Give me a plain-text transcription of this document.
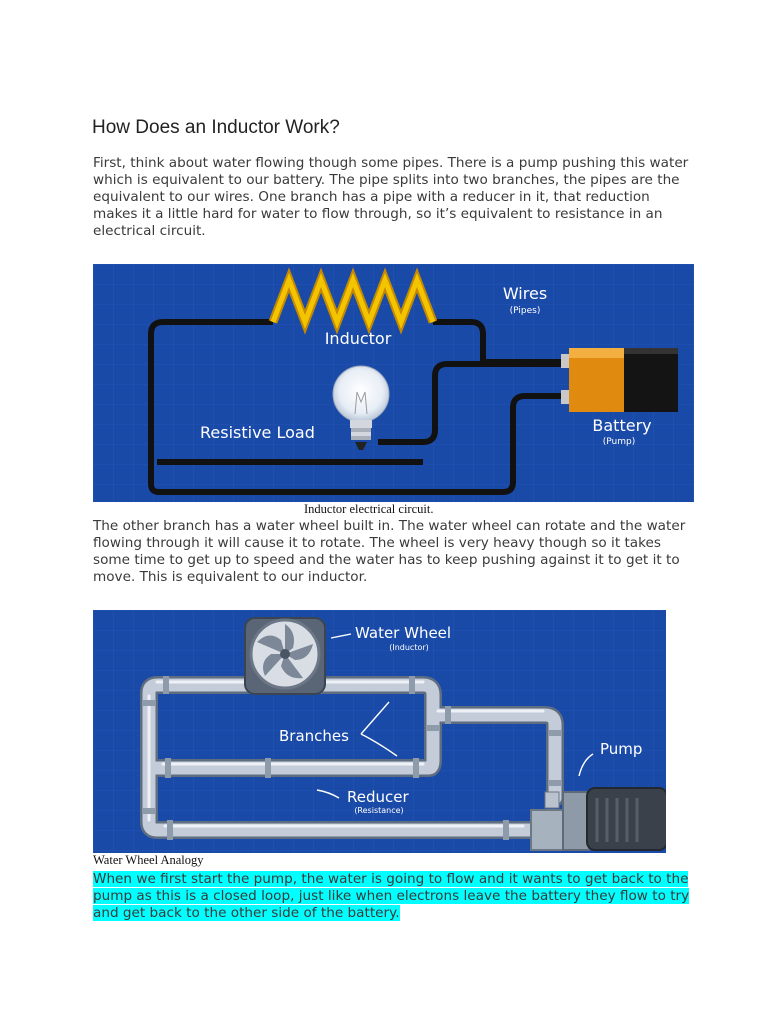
How Does an Inductor Work?

First, think about water flowing though some pipes. There is a pump pushing this water which is equivalent to our battery. The pipe splits into two branches, the pipes are the equivalent to our wires. One branch has a pipe with a reducer in it, that reduction makes it a little hard for water to flow through, so it’s equivalent to resistance in an electrical circuit.

Inductor
Wires
(Pipes)
Resistive Load	Battery
(Pump)
Inductor electrical circuit.

The other branch has a water wheel built in. The water wheel can rotate and the water flowing through it will cause it to rotate. The wheel is very heavy though so it takes some time to get up to speed and the water has to keep pushing against it to get it to move. This is equivalent to our inductor.

Water Wheel
(Inductor)
Branches
Pump
Reducer
(Resistance)
Water Wheel Analogy

When we first start the pump, the water is going to flow and it wants to get back to the pump as this is a closed loop, just like when electrons leave the battery they flow to try and get back to the other side of the battery.
